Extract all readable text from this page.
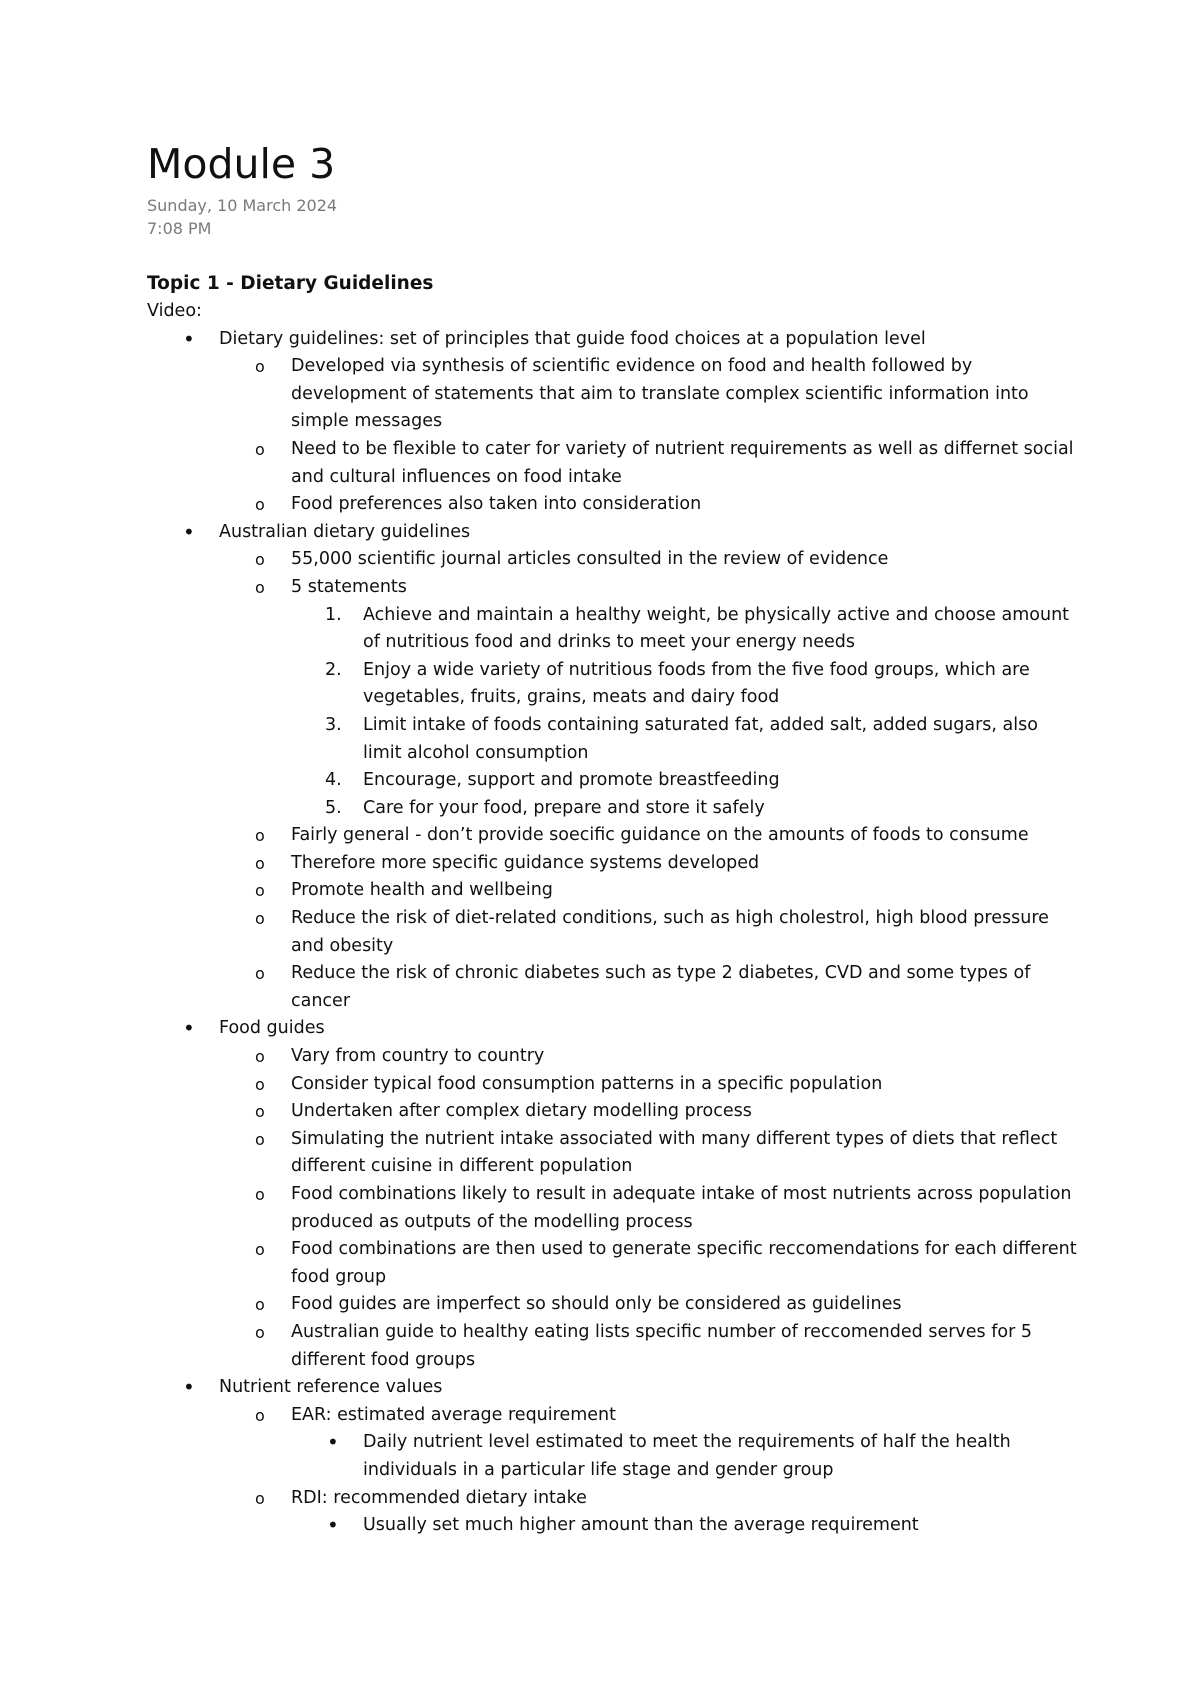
Module 3
Sunday, 10 March 2024
7:08 PM

Topic 1 - Dietary Guidelines

Video:

•	Dietary guidelines: set of principles that guide food choices at a population level
o	Developed via synthesis of scientific evidence on food and health followed by development of statements that aim to translate complex scientific information into simple messages
o	Need to be flexible to cater for variety of nutrient requirements as well as differnet social and cultural influences on food intake
o	Food preferences also taken into consideration
•	Australian dietary guidelines
o	55,000 scientific journal articles consulted in the review of evidence
o	5 statements
1.	Achieve and maintain a healthy weight, be physically active and choose amount of nutritious food and drinks to meet your energy needs
2.	Enjoy a wide variety of nutritious foods from the five food groups, which are vegetables, fruits, grains, meats and dairy food
3.	Limit intake of foods containing saturated fat, added salt, added sugars, also limit alcohol consumption
4.	Encourage, support and promote breastfeeding
5.	Care for your food, prepare and store it safely
o	Fairly general - don’t provide soecific guidance on the amounts of foods to consume
o	Therefore more specific guidance systems developed
o	Promote health and wellbeing
o	Reduce the risk of diet-related conditions, such as high cholestrol, high blood pressure and obesity
o	Reduce the risk of chronic diabetes such as type 2 diabetes, CVD and some types of cancer
•	Food guides
o	Vary from country to country
o	Consider typical food consumption patterns in a specific population
o	Undertaken after complex dietary modelling process
o	Simulating the nutrient intake associated with many different types of diets that reflect different cuisine in different population
o	Food combinations likely to result in adequate intake of most nutrients across population produced as outputs of the modelling process
o	Food combinations are then used to generate specific reccomendations for each different food group
o	Food guides are imperfect so should only be considered as guidelines
o	Australian guide to healthy eating lists specific number of reccomended serves for 5 different food groups
•	Nutrient reference values
o	EAR: estimated average requirement
•	Daily nutrient level estimated to meet the requirements of half the health individuals in a particular life stage and gender group
o	RDI: recommended dietary intake
•	Usually set much higher amount than the average requirement
